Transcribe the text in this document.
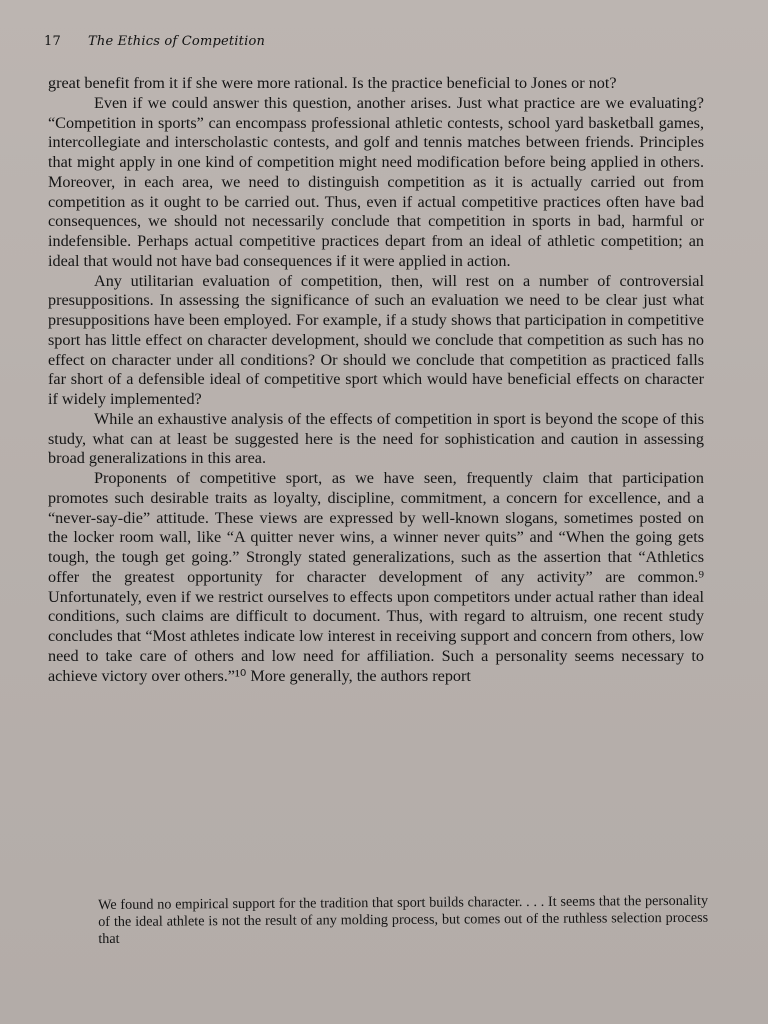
17 The Ethics of Competition

great benefit from it if she were more rational. Is the practice beneficial to Jones or not?

Even if we could answer this question, another arises. Just what practice are we evaluating? “Competition in sports” can encompass professional athletic contests, school yard basketball games, intercollegiate and interscholastic contests, and golf and tennis matches between friends. Principles that might apply in one kind of competition might need modification before being applied in others. Moreover, in each area, we need to distinguish competition as it is actually carried out from competition as it ought to be carried out. Thus, even if actual competitive practices often have bad consequences, we should not necessarily conclude that competition in sports in bad, harmful or indefensible. Perhaps actual competitive practices depart from an ideal of athletic competition; an ideal that would not have bad consequences if it were applied in action.

Any utilitarian evaluation of competition, then, will rest on a number of controversial presuppositions. In assessing the significance of such an evaluation we need to be clear just what presuppositions have been employed. For example, if a study shows that participation in competitive sport has little effect on character development, should we conclude that competition as such has no effect on character under all conditions? Or should we conclude that competition as practiced falls far short of a defensible ideal of competitive sport which would have beneficial effects on character if widely implemented?

While an exhaustive analysis of the effects of competition in sport is beyond the scope of this study, what can at least be suggested here is the need for sophistication and caution in assessing broad generalizations in this area.

Proponents of competitive sport, as we have seen, frequently claim that participation promotes such desirable traits as loyalty, discipline, commitment, a concern for excellence, and a “never-say-die” attitude. These views are expressed by well-known slogans, sometimes posted on the locker room wall, like “A quitter never wins, a winner never quits” and “When the going gets tough, the tough get going.” Strongly stated generalizations, such as the assertion that “Athletics offer the greatest opportunity for character development of any activity” are common.⁹ Unfortunately, even if we restrict ourselves to effects upon competitors under actual rather than ideal conditions, such claims are difficult to document. Thus, with regard to altruism, one recent study concludes that “Most athletes indicate low interest in receiving support and concern from others, low need to take care of others and low need for affiliation. Such a personality seems necessary to achieve victory over others.”¹⁰ More generally, the authors report

We found no empirical support for the tradition that sport builds character. . . . It seems that the personality of the ideal athlete is not the result of any molding process, but comes out of the ruthless selection process that
